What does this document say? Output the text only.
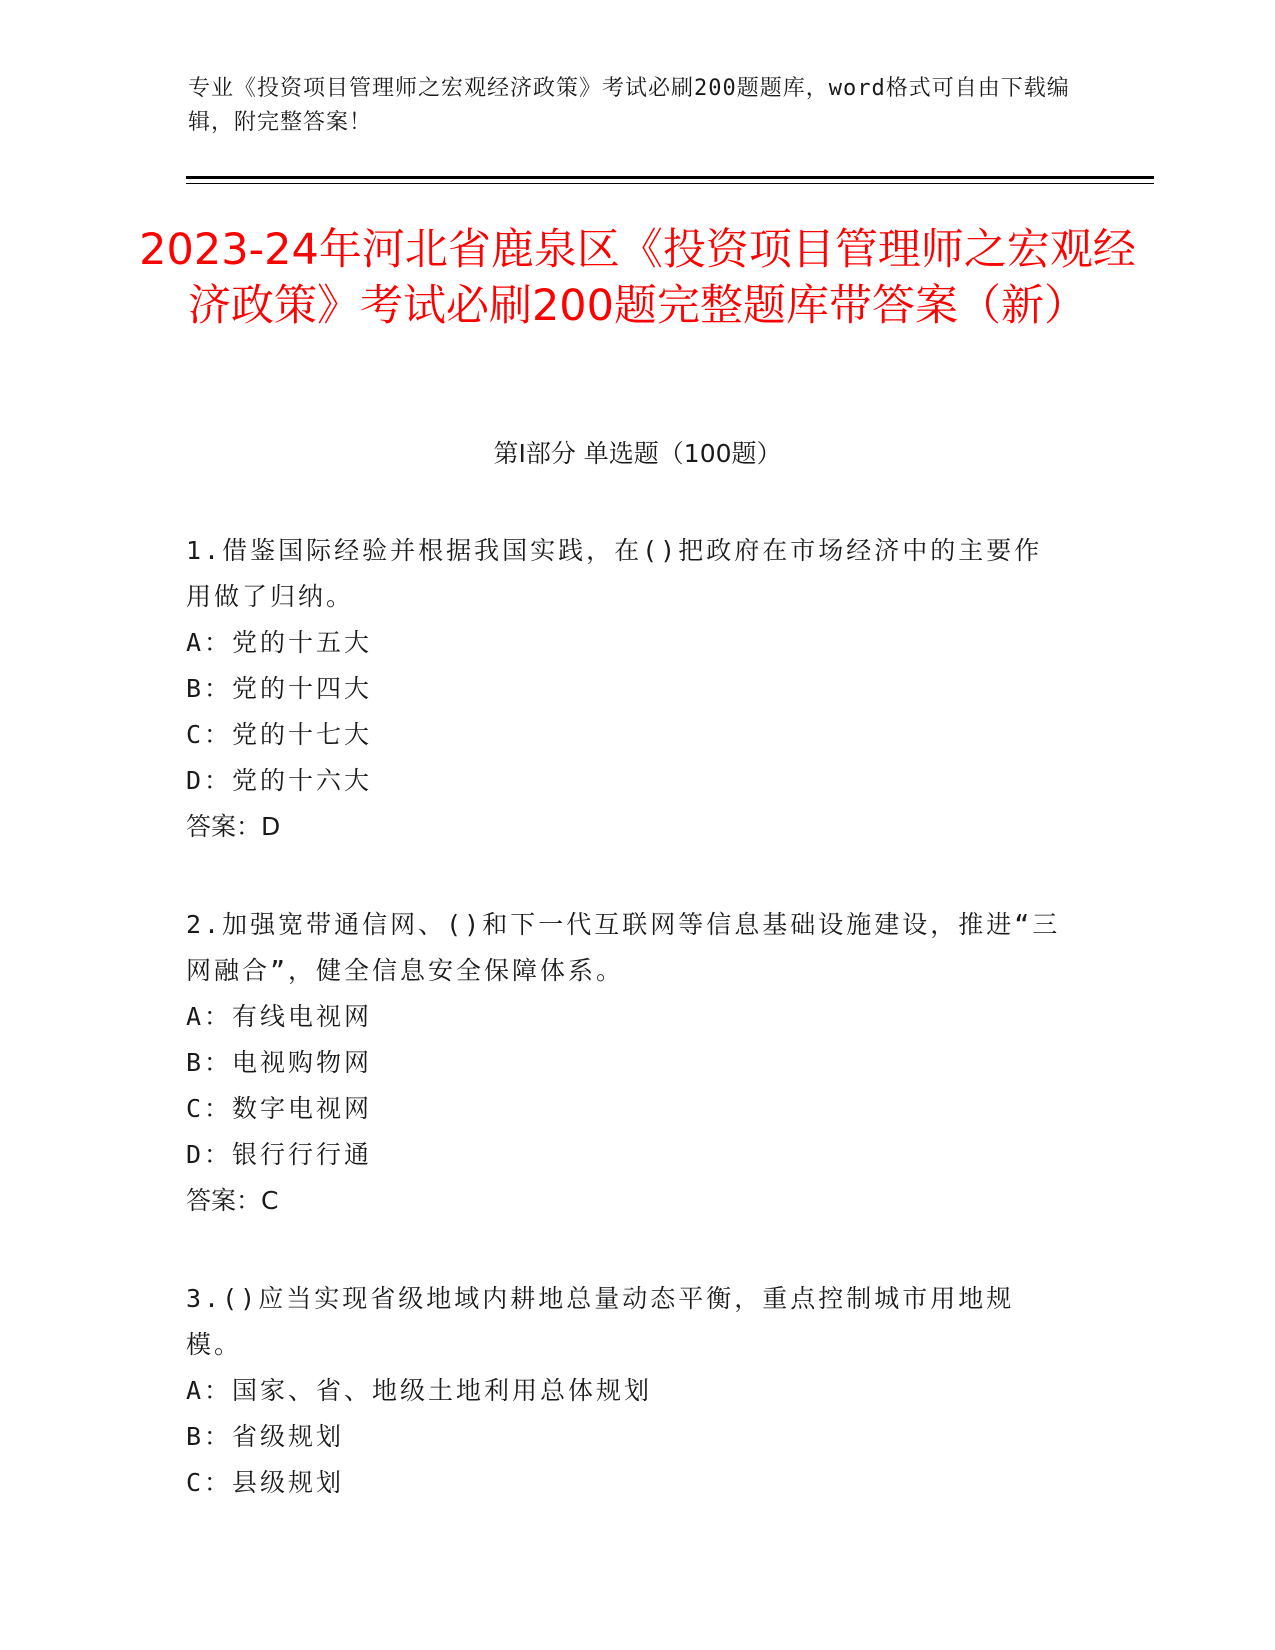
专业《投资项目管理师之宏观经济政策》考试必刷200题题库，word格式可自由下载编辑，附完整答案！
2023-24年河北省鹿泉区《投资项目管理师之宏观经济政策》考试必刷200题完整题库带答案（新）
第I部分 单选题（100题）
1.借鉴国际经验并根据我国实践，在()把政府在市场经济中的主要作用做了归纳。
A：党的十五大
B：党的十四大
C：党的十七大
D：党的十六大
答案：D
2.加强宽带通信网、()和下一代互联网等信息基础设施建设，推进“三网融合”，健全信息安全保障体系。
A：有线电视网
B：电视购物网
C：数字电视网
D：银行行行通
答案：C
3.()应当实现省级地域内耕地总量动态平衡，重点控制城市用地规模。
A：国家、省、地级土地利用总体规划
B：省级规划
C：县级规划
